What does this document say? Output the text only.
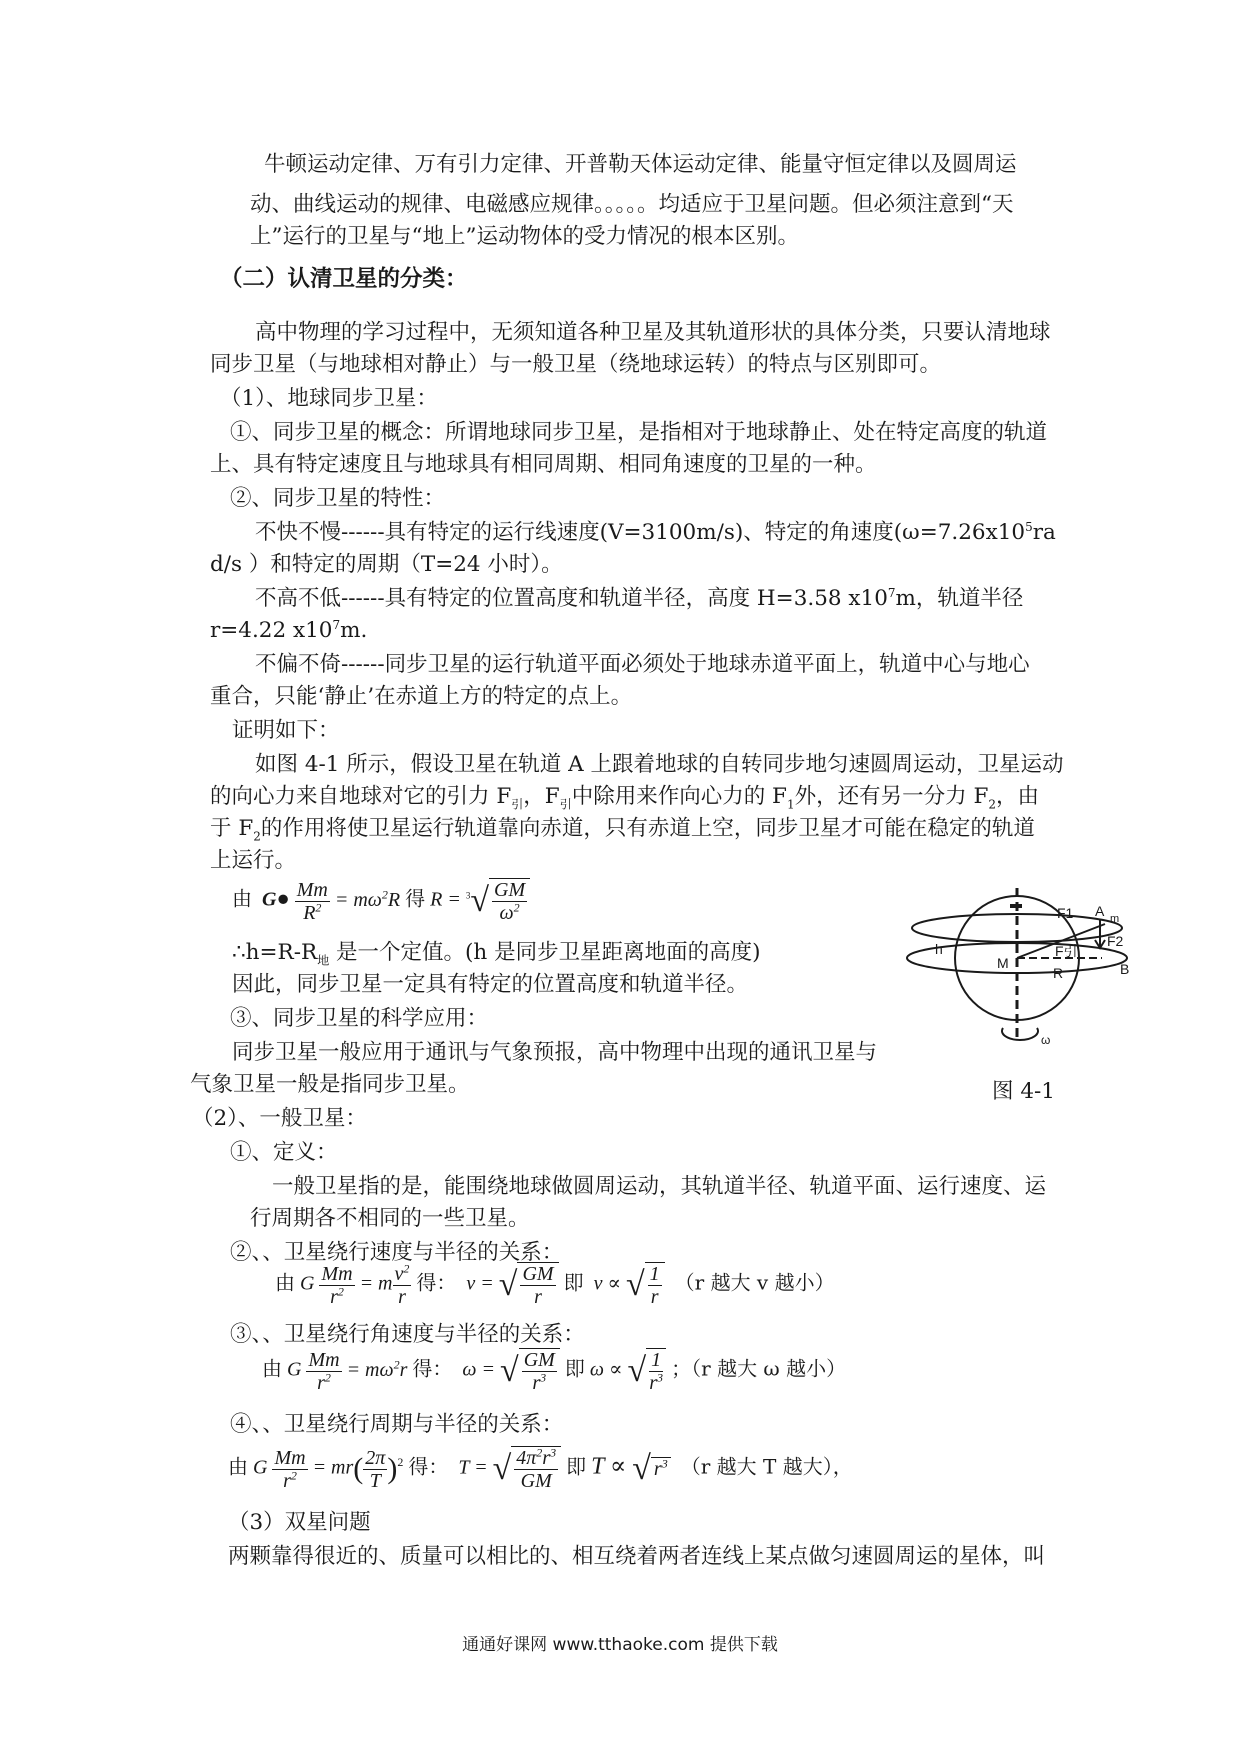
牛顿运动定律、万有引力定律、开普勒天体运动定律、能量守恒定律以及圆周运
动、曲线运动的规律、电磁感应规律。。。。。均适应于卫星问题。但必须注意到“天
上”运行的卫星与“地上”运动物体的受力情况的根本区别。
（二）认清卫星的分类：
高中物理的学习过程中，无须知道各种卫星及其轨道形状的具体分类，只要认清地球
同步卫星（与地球相对静止）与一般卫星（绕地球运转）的特点与区别即可。
（1）、地球同步卫星：
①、同步卫星的概念：所谓地球同步卫星，是指相对于地球静止、处在特定高度的轨道
上、具有特定速度且与地球具有相同周期、相同角速度的卫星的一种。
②、同步卫星的特性：
不快不慢------具有特定的运行线速度(V=3100m/s)、特定的角速度($\omega=7.26x10^5ra$
d/s ）和特定的周期（T=24 小时）。
不高不低------具有特定的位置高度和轨道半径，高度 H=3.58 $x10^7m$，轨道半径
r=4.22 $x10^7m$.
不偏不倚------同步卫星的运行轨道平面必须处于地球赤道平面上，轨道中心与地心
重合，只能‘静止’在赤道上方的特定的点上。
证明如下：
如图 4-1 所示，假设卫星在轨道 A 上跟着地球的自转同步地匀速圆周运动，卫星运动
的向心力来自地球对它的引力 $F_引$，$F_引$中除用来作向心力的 $F_1$外，还有另一分力 $F_2$，由
于 $F_2$的作用将使卫星运行轨道靠向赤道，只有赤道上空，同步卫星才可能在稳定的轨道
上运行。
由  G● $\frac{Mm}{R^2} = m\omega^2R$ 得 $R = ^3√ \frac{GM}{\omega^2}$
$\therefore h=R-R_地$ 是一个定值。(h 是同步卫星距离地面的高度)
因此，同步卫星一定具有特定的位置高度和轨道半径。
③、同步卫星的科学应用：
同步卫星一般应用于通讯与气象预报，高中物理中出现的通讯卫星与
气象卫星一般是指同步卫星。
F1 A m
F2
F引
h
M
R	B
ω
图 4-1
（2）、一般卫星：
①、定义：
一般卫星指的是，能围绕地球做圆周运动，其轨道半径、轨道平面、运行速度、运
行周期各不相同的一些卫星。
②、、卫星绕行速度与半径的关系：
由 G $\frac{Mm}{r^2} = m \frac{v^2}{r}$ 得： v = √ $\frac{GM}{r}$ 即 v ∝ √ $\frac{1}{r} (r$ 越大 v 越小）
③、、卫星绕行角速度与半径的关系：
由 G $\frac{Mm}{r^2} = m\omega^2r$ 得： ω = √ $\frac{GM}{r^3}$ 即 ω ∝ √ $\frac{1}{r^3}$ ；（r 越大 ω 越小）
④、、卫星绕行周期与半径的关系：
由 G $\frac{Mm}{r^2} = mr( \frac{2\pi}{T} )^2$ 得： T = √ $\frac{4\pi^2r^3}{GM}$ 即 T ∝ √ $r^3$ （r 越大 T 越大），
（3）双星问题
两颗靠得很近的、质量可以相比的、相互绕着两者连线上某点做匀速圆周运的星体，叫
通通好课网 www.tthaoke.com 提供下载
